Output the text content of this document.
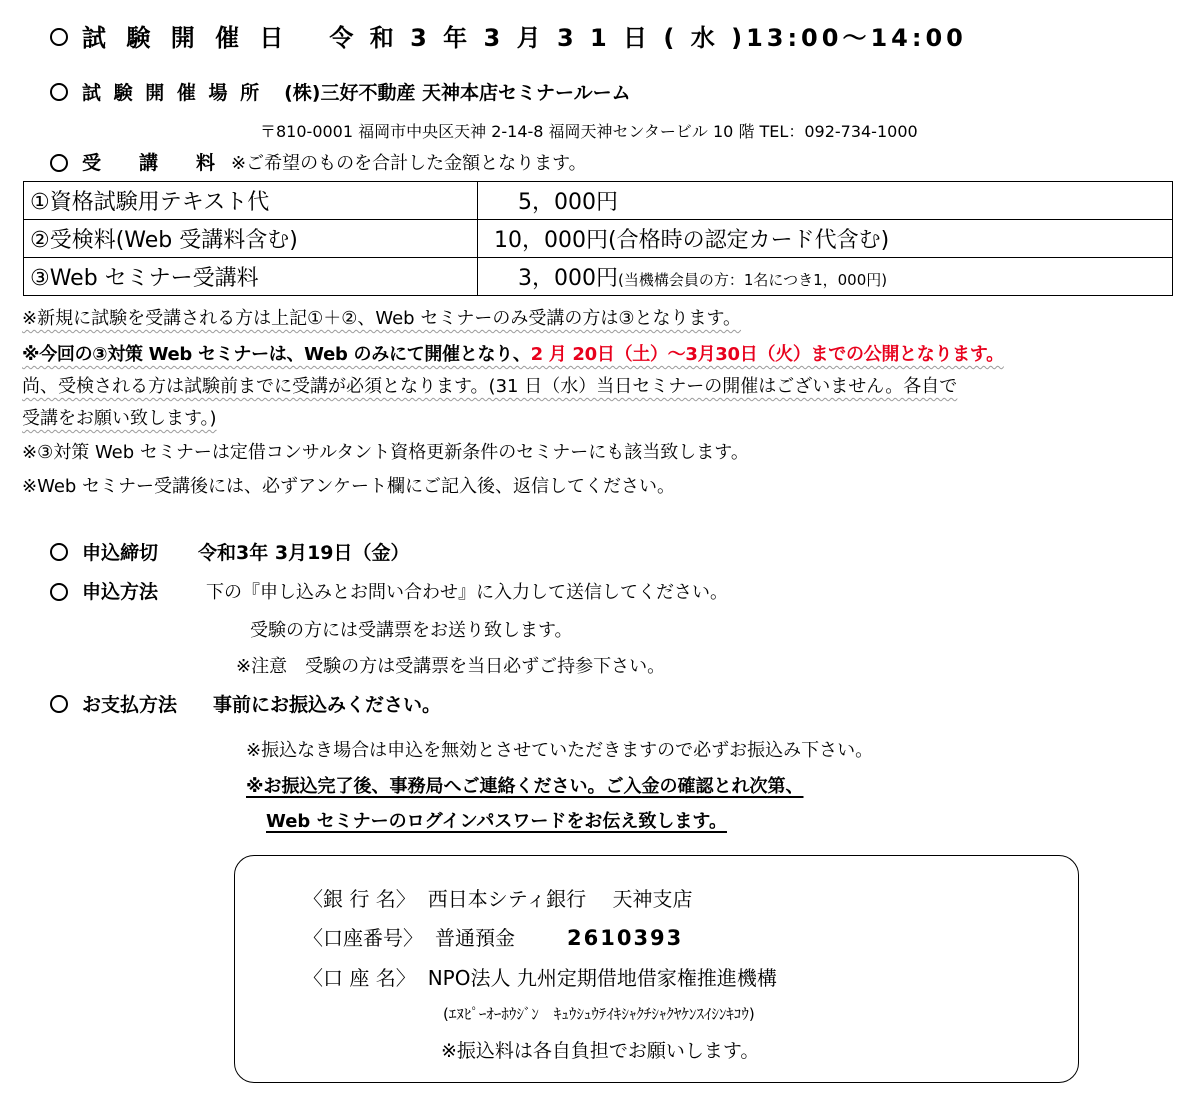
試 験 開 催 日 令 和 3 年 3 月 3 1 日 ( 水 )13:00〜14:00
試 験 開 催 場 所 (株)三好不動産 天神本店セミナールーム
〒810-0001 福岡市中央区天神 2-14-8 福岡天神センタービル 10 階 TEL：092-734-1000
受　　講　　料 ※ご希望のものを合計した金額となります。
①資格試験用テキスト代	5，000円
②受検料(Web 受講料含む)	10，000円(合格時の認定カード代含む)
③Web セミナー受講料	3，000円(当機構会員の方：1名につき1，000円)
※新規に試験を受講される方は上記①＋②、Web セミナーのみ受講の方は③となります。
※今回の③対策 Web セミナーは、Web のみにて開催となり、2 月 20日（土）〜3月30日（火）までの公開となります。
尚、受検される方は試験前までに受講が必須となります。(31 日（水）当日セミナーの開催はございません。各自で
受講をお願い致します。)
※③対策 Web セミナーは定借コンサルタント資格更新条件のセミナーにも該当致します。
※Web セミナー受講後には、必ずアンケート欄にご記入後、返信してください。
申込締切 令和3年 3月19日（金）
申込方法	下の『申し込みとお問い合わせ』に入力して送信してください。
受験の方には受講票をお送り致します。
※注意　受験の方は受講票を当日必ずご持参下さい。
お支払方法 事前にお振込みください。
※振込なき場合は申込を無効とさせていただきますので必ずお振込み下さい。
※お振込完了後、事務局へご連絡ください。ご入金の確認とれ次第、
Web セミナーのログインパスワードをお伝え致します。
〈銀 行 名〉 西日本シティ銀行　 天神支店
〈口座番号〉 普通預金 2610393
〈口 座 名〉 NPO法人 九州定期借地借家権推進機構
(ｴﾇﾋﾟｰｵｰﾎｳｼﾞﾝ　ｷｭｳｼｭｳﾃｲｷｼｬｸﾁｼｬｸﾔｹﾝｽｲｼﾝｷｺｳ)
※振込料は各自負担でお願いします。
